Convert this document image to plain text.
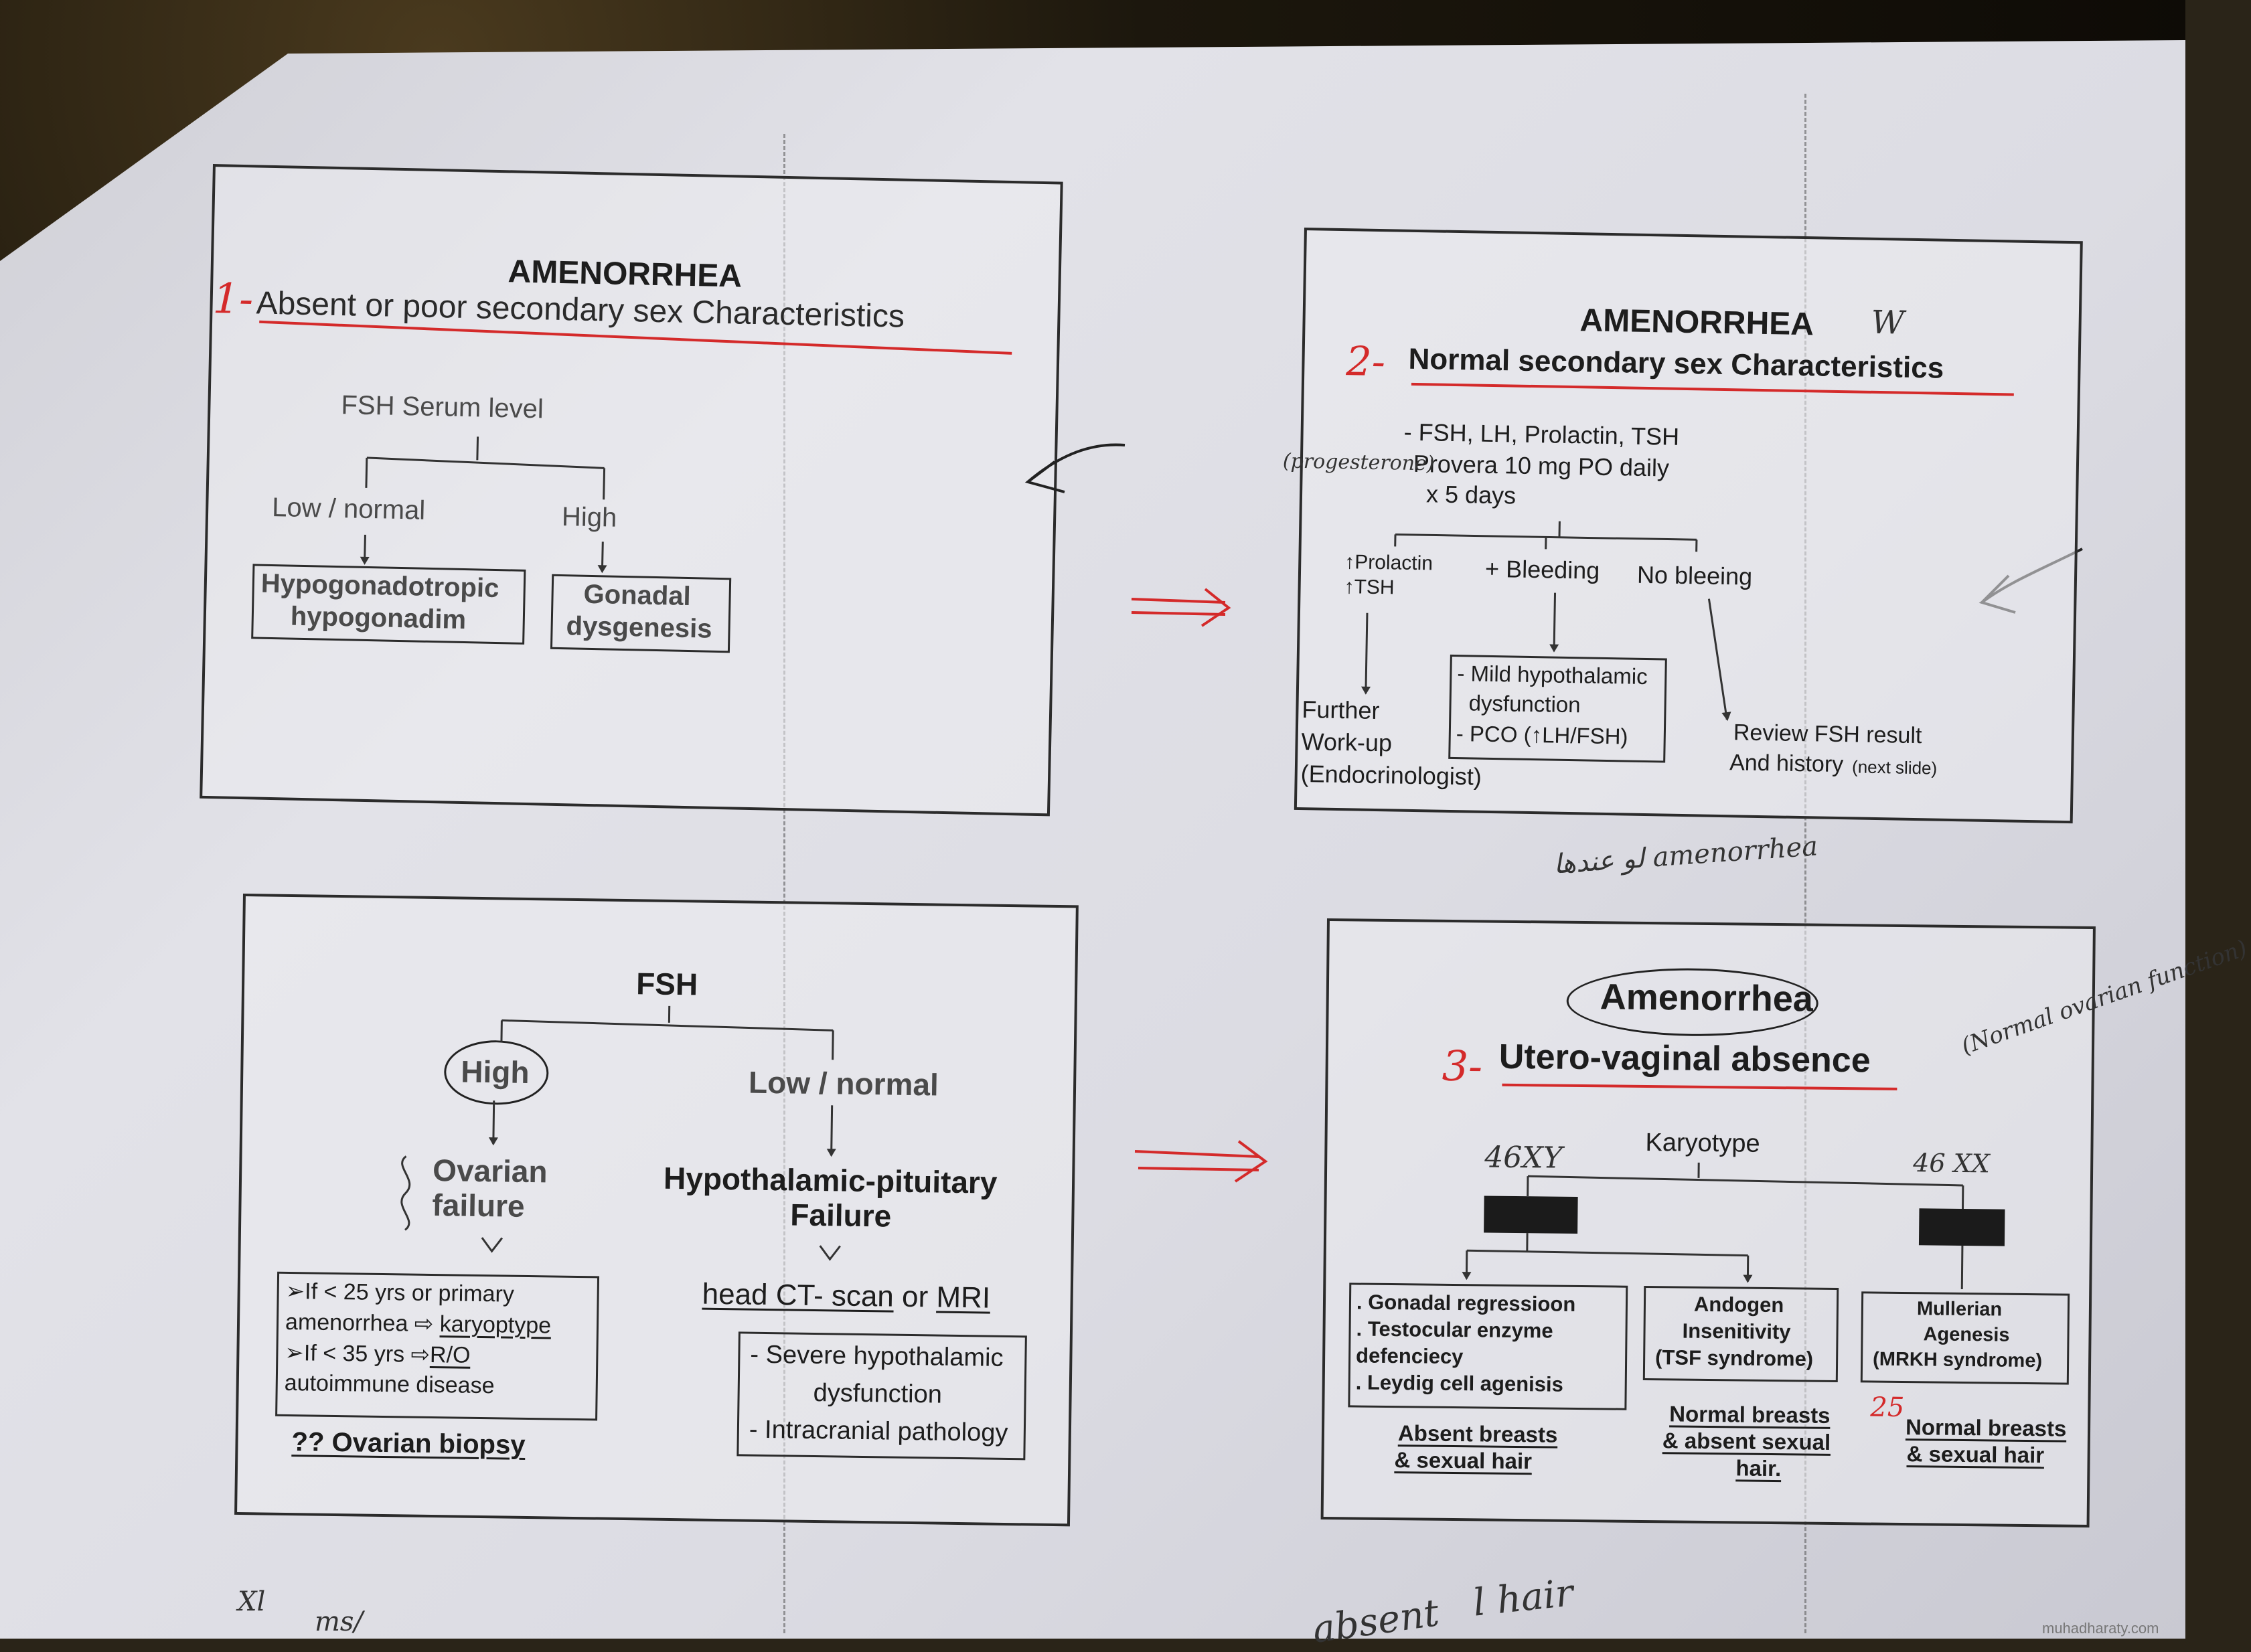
1-	AMENORRHEA
Absent or poor secondary sex Characteristics
FSH Serum level
Low / normal	High
Hypogonadotropic
hypogonadim
Gonadal
dysgenesis
AMENORRHEA W
2- Normal secondary sex Characteristics
- FSH, LH, Prolactin, TSH
Provera 10 mg PO daily
x 5 days
(progesterone)
↑Prolactin
↑TSH
+ Bleeding No bleeing
- Mild hypothalamic
dysfunction
- PCO (↑LH/FSH)
Further
Work-up
(Endocrinologist)
Review FSH result
And history (next slide)
لو عندها amenorrhea
FSH
High	Low / normal
Ovarian
failure
Hypothalamic-pituitary
Failure
➢If < 25 yrs or primary
amenorrhea ⇨ karyoptype
➢If < 35 yrs ⇨R/O
autoimmune disease
?? Ovarian biopsy
head CT- scan or MRI
- Severe hypothalamic
dysfunction
- Intracranial pathology
Amenorrhea
3- Utero-vaginal absence	(Normal ovarian function)
Karyotype
46XY	46 XX
. Gonadal regressioon
. Testocular enzyme
defenciecy
. Leydig cell agenisis
Andogen
Insenitivity
(TSF syndrome)
Mullerian
Agenesis
(MRKH syndrome)
Absent breasts
& sexual hair
Normal breasts
& absent sexual
hair.
25
Normal breasts
& sexual hair
Xl
ms/	absent l hair
muhadharaty.com
